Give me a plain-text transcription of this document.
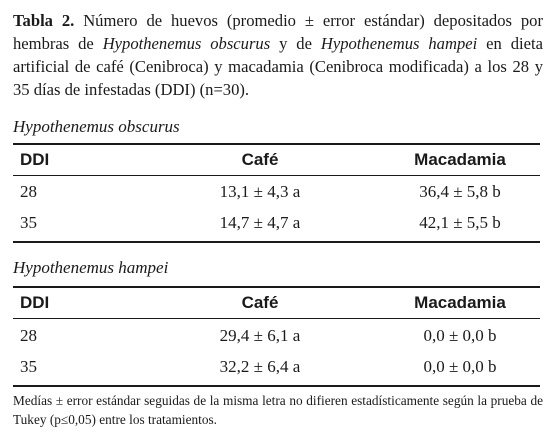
Tabla 2. Número de huevos (promedio ± error estándar) depositados por hembras de Hypothenemus obscurus y de Hypothenemus hampei en dieta artificial de café (Cenibroca) y macadamia (Cenibroca modificada) a los 28 y 35 días de infestadas (DDI) (n=30).
Hypothenemus obscurus
DDI	Café	Macadamia
28	13,1 ± 4,3 a	36,4 ± 5,8 b
35	14,7 ± 4,7 a	42,1 ± 5,5 b
Hypothenemus hampei
DDI	Café	Macadamia
28	29,4 ± 6,1 a	0,0 ± 0,0 b
35	32,2 ± 6,4 a	0,0 ± 0,0 b
Medías ± error estándar seguidas de la misma letra no difieren estadísticamente según la prueba de Tukey (p≤0,05) entre los tratamientos.
